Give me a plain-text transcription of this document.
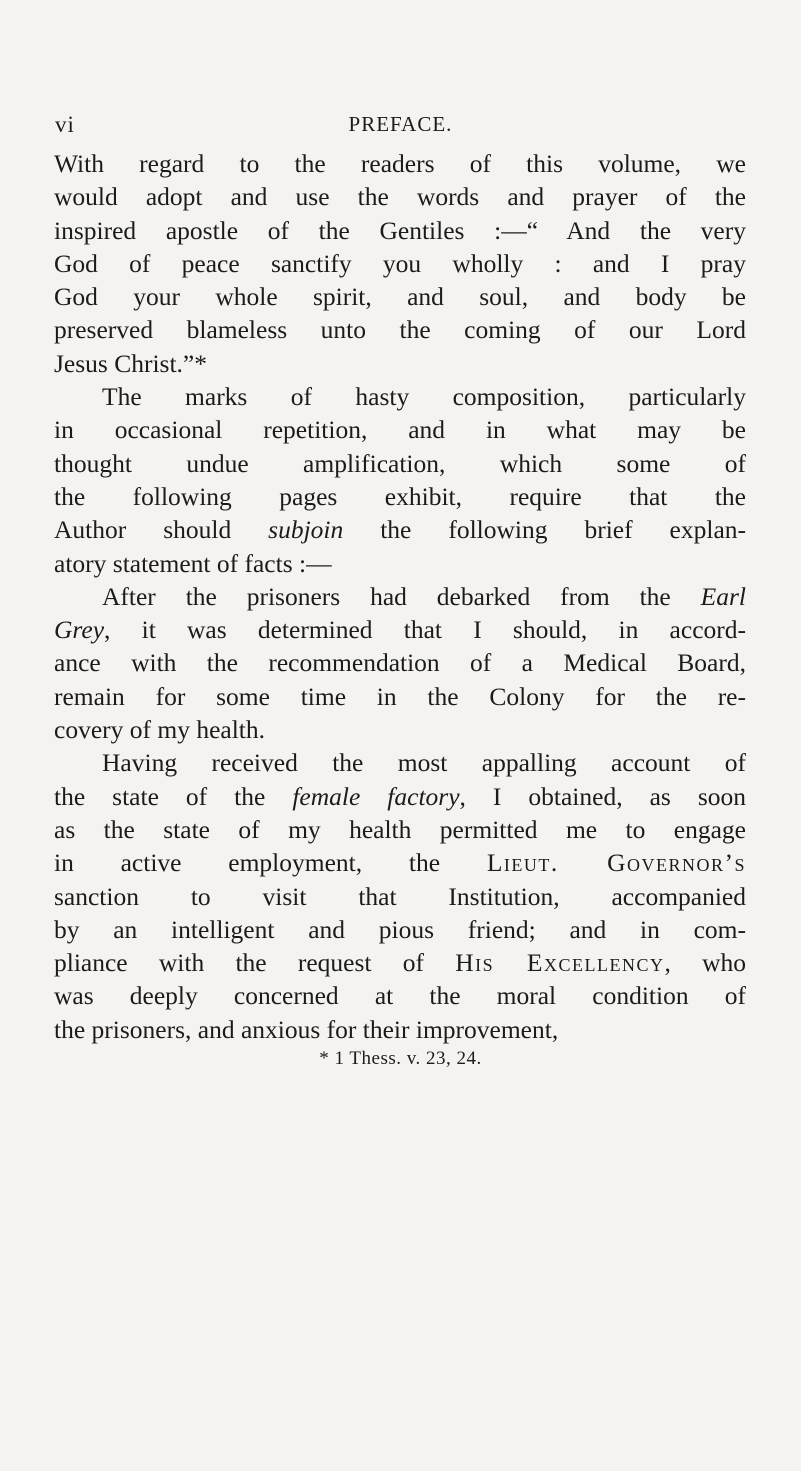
vi	PREFACE.
With regard to the readers of this volume, we
would adopt and use the words and prayer of the
inspired apostle of the Gentiles :—“ And the very
God of peace sanctify you wholly : and I pray
God your whole spirit, and soul, and body be
preserved blameless unto the coming of our Lord
Jesus Christ.”*
The marks of hasty composition, particularly
in occasional repetition, and in what may be
thought undue amplification, which some of
the following pages exhibit, require that the
Author should subjoin the following brief explan-
atory statement of facts :—
After the prisoners had debarked from the Earl
Grey, it was determined that I should, in accord-
ance with the recommendation of a Medical Board,
remain for some time in the Colony for the re-
covery of my health.
Having received the most appalling account of
the state of the female factory, I obtained, as soon
as the state of my health permitted me to engage
in active employment, the Lieut. Governor’s
sanction to visit that Institution, accompanied
by an intelligent and pious friend; and in com-
pliance with the request of His Excellency, who
was deeply concerned at the moral condition of
the prisoners, and anxious for their improvement,
* 1 Thess. v. 23, 24.
